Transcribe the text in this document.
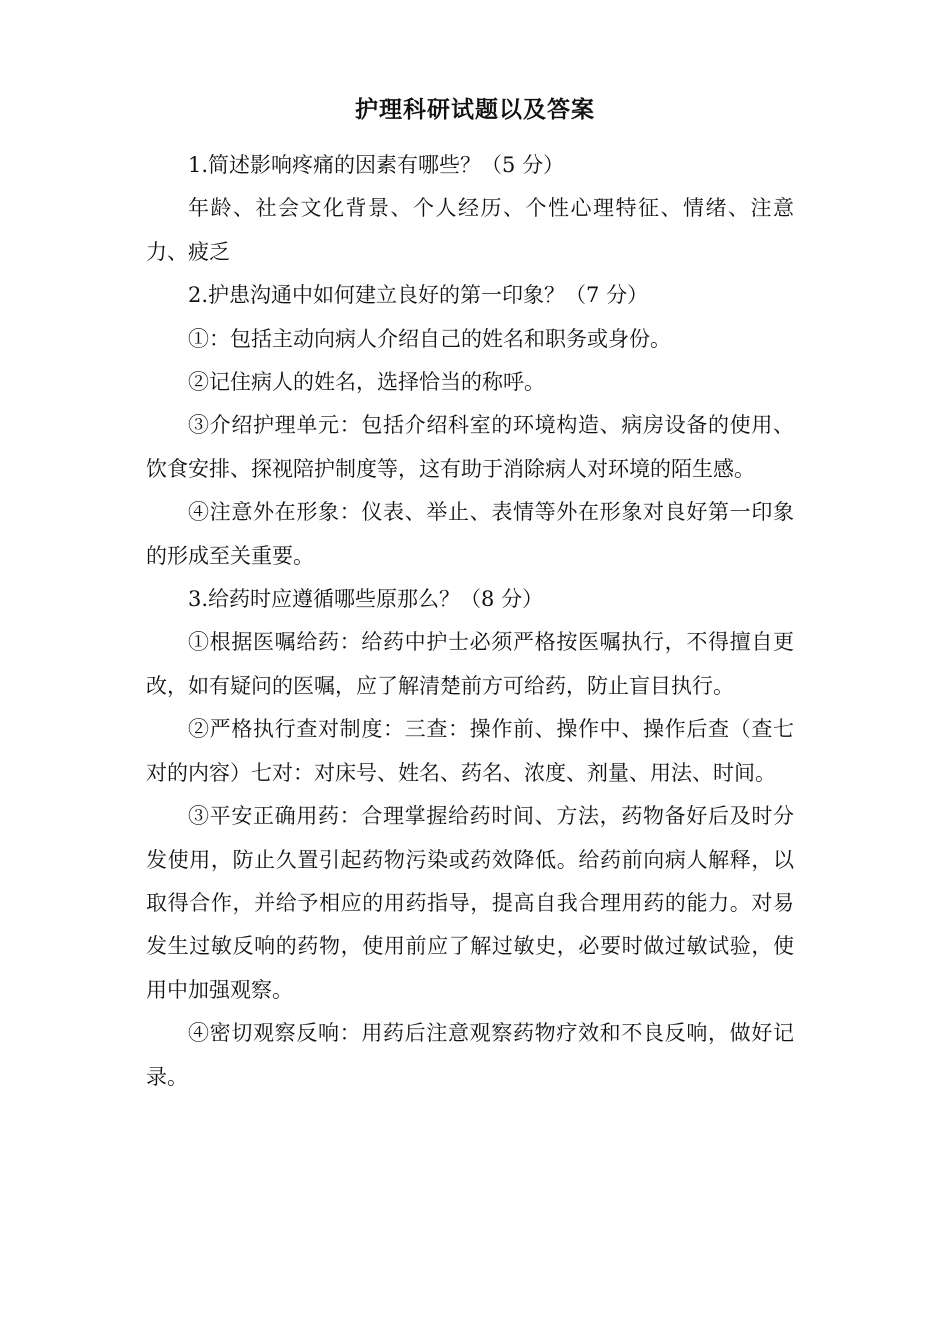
护理科研试题以及答案

1.简述影响疼痛的因素有哪些？（5 分）

年龄、社会文化背景、个人经历、个性心理特征、情绪、注意力、疲乏

2.护患沟通中如何建立良好的第一印象？（7 分）

①：包括主动向病人介绍自己的姓名和职务或身份。

②记住病人的姓名，选择恰当的称呼。

③介绍护理单元：包括介绍科室的环境构造、病房设备的使用、饮食安排、探视陪护制度等，这有助于消除病人对环境的陌生感。

④注意外在形象：仪表、举止、表情等外在形象对良好第一印象的形成至关重要。

3.给药时应遵循哪些原那么？（8 分）

①根据医嘱给药：给药中护士必须严格按医嘱执行，不得擅自更改，如有疑问的医嘱，应了解清楚前方可给药，防止盲目执行。

②严格执行查对制度：三查：操作前、操作中、操作后查（查七对的内容）七对：对床号、姓名、药名、浓度、剂量、用法、时间。

③平安正确用药：合理掌握给药时间、方法，药物备好后及时分发使用，防止久置引起药物污染或药效降低。给药前向病人解释，以取得合作，并给予相应的用药指导，提高自我合理用药的能力。对易发生过敏反响的药物，使用前应了解过敏史，必要时做过敏试验，使用中加强观察。

④密切观察反响：用药后注意观察药物疗效和不良反响，做好记录。
